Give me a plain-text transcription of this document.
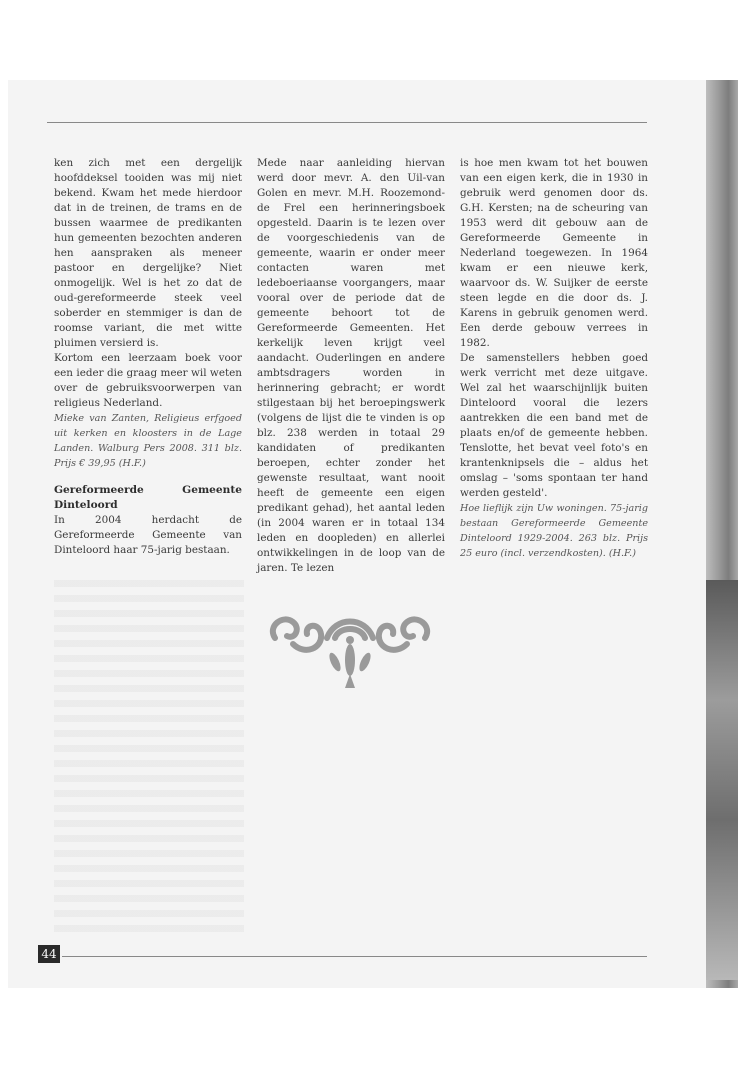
ken zich met een dergelijk hoofddeksel tooiden was mij niet bekend. Kwam het mede hierdoor dat in de treinen, de trams en de bussen waarmee de predikanten hun gemeenten bezochten anderen hen aanspraken als meneer pastoor en dergelijke? Niet onmogelijk. Wel is het zo dat de oud-gereformeerde steek veel soberder en stemmiger is dan de roomse variant, die met witte pluimen versierd is.

Kortom een leerzaam boek voor een ieder die graag meer wil weten over de gebruiksvoorwerpen van religieus Nederland.

Mieke van Zanten, Religieus erfgoed uit kerken en kloosters in de Lage Landen. Walburg Pers 2008. 311 blz. Prijs € 39,95 (H.F.)

Gereformeerde Gemeente Dinteloord

In 2004 herdacht de Gereformeerde Gemeente van Dinteloord haar 75-jarig bestaan.

Mede naar aanleiding hiervan werd door mevr. A. den Uil-van Golen en mevr. M.H. Roozemond-de Frel een herinneringsboek opgesteld. Daarin is te lezen over de voorgeschiedenis van de gemeente, waarin er onder meer contacten waren met ledeboeriaanse voorgangers, maar vooral over de periode dat de gemeente behoort tot de Gereformeerde Gemeenten. Het kerkelijk leven krijgt veel aandacht. Ouderlingen en andere ambtsdragers worden in herinnering gebracht; er wordt stilgestaan bij het beroepingswerk (volgens de lijst die te vinden is op blz. 238 werden in totaal 29 kandidaten of predikanten beroepen, echter zonder het gewenste resultaat, want nooit heeft de gemeente een eigen predikant gehad), het aantal leden (in 2004 waren er in totaal 134 leden en doopleden) en allerlei ontwikkelingen in de loop van de jaren. Te lezen

is hoe men kwam tot het bouwen van een eigen kerk, die in 1930 in gebruik werd genomen door ds. G.H. Kersten; na de scheuring van 1953 werd dit gebouw aan de Gereformeerde Gemeente in Nederland toegewezen. In 1964 kwam er een nieuwe kerk, waarvoor ds. W. Suijker de eerste steen legde en die door ds. J. Karens in gebruik genomen werd. Een derde gebouw verrees in 1982.

De samenstellers hebben goed werk verricht met deze uitgave. Wel zal het waarschijnlijk buiten Dinteloord vooral die lezers aantrekken die een band met de plaats en/of de gemeente hebben. Tenslotte, het bevat veel foto's en krantenknipsels die – aldus het omslag – 'soms spontaan ter hand werden gesteld'.

Hoe lieflijk zijn Uw woningen. 75-jarig bestaan Gereformeerde Gemeente Dinteloord 1929-2004. 263 blz. Prijs 25 euro (incl. verzendkosten). (H.F.)

44
